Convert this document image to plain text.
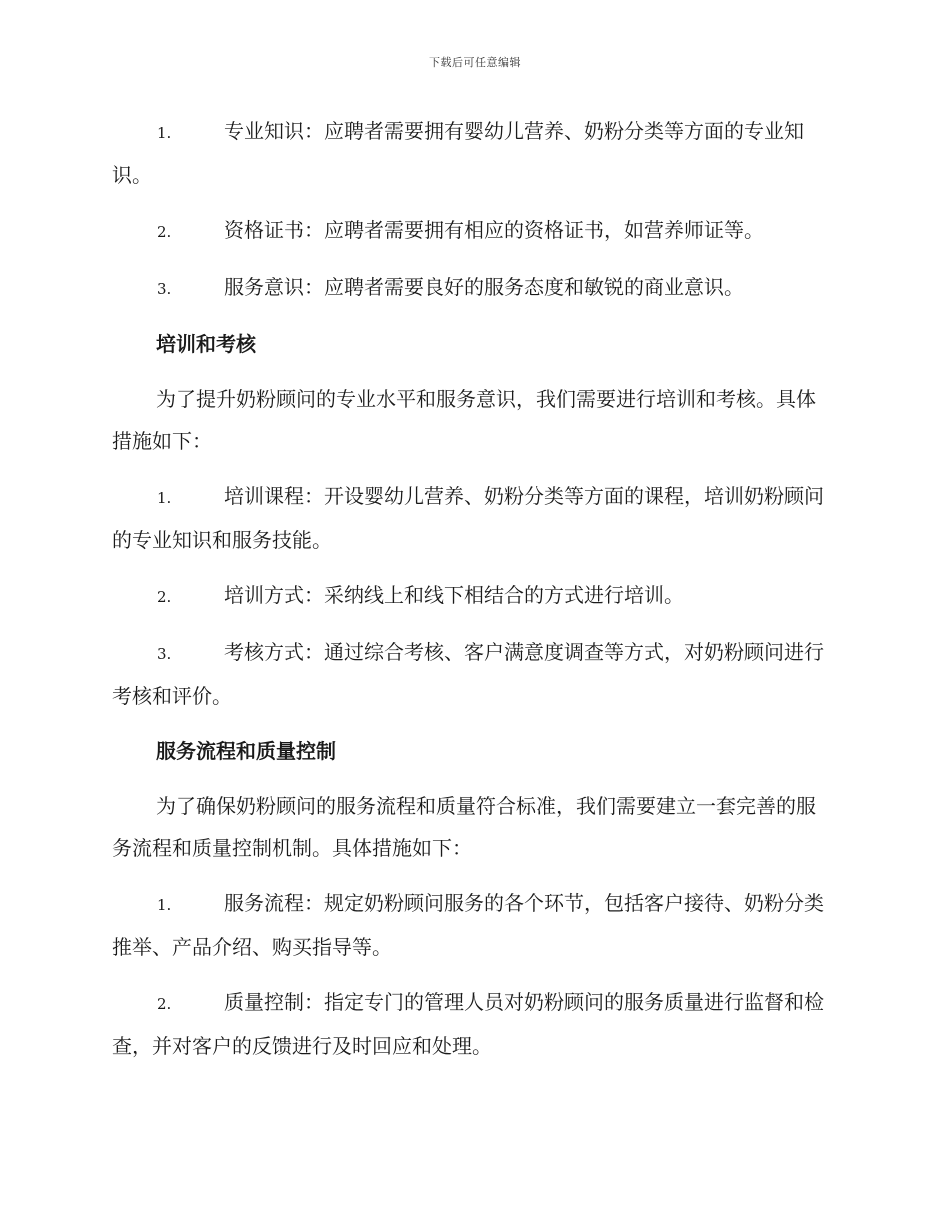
下载后可任意编辑
1.	专业知识：应聘者需要拥有婴幼儿营养、奶粉分类等方面的专业知识。
2.	资格证书：应聘者需要拥有相应的资格证书，如营养师证等。
3.	服务意识：应聘者需要良好的服务态度和敏锐的商业意识。
培训和考核
为了提升奶粉顾问的专业水平和服务意识，我们需要进行培训和考核。具体措施如下：
1.	培训课程：开设婴幼儿营养、奶粉分类等方面的课程，培训奶粉顾问的专业知识和服务技能。
2.	培训方式：采纳线上和线下相结合的方式进行培训。
3.	考核方式：通过综合考核、客户满意度调查等方式，对奶粉顾问进行考核和评价。
服务流程和质量控制
为了确保奶粉顾问的服务流程和质量符合标准，我们需要建立一套完善的服务流程和质量控制机制。具体措施如下：
1.	服务流程：规定奶粉顾问服务的各个环节，包括客户接待、奶粉分类推举、产品介绍、购买指导等。
2.	质量控制：指定专门的管理人员对奶粉顾问的服务质量进行监督和检查，并对客户的反馈进行及时回应和处理。
